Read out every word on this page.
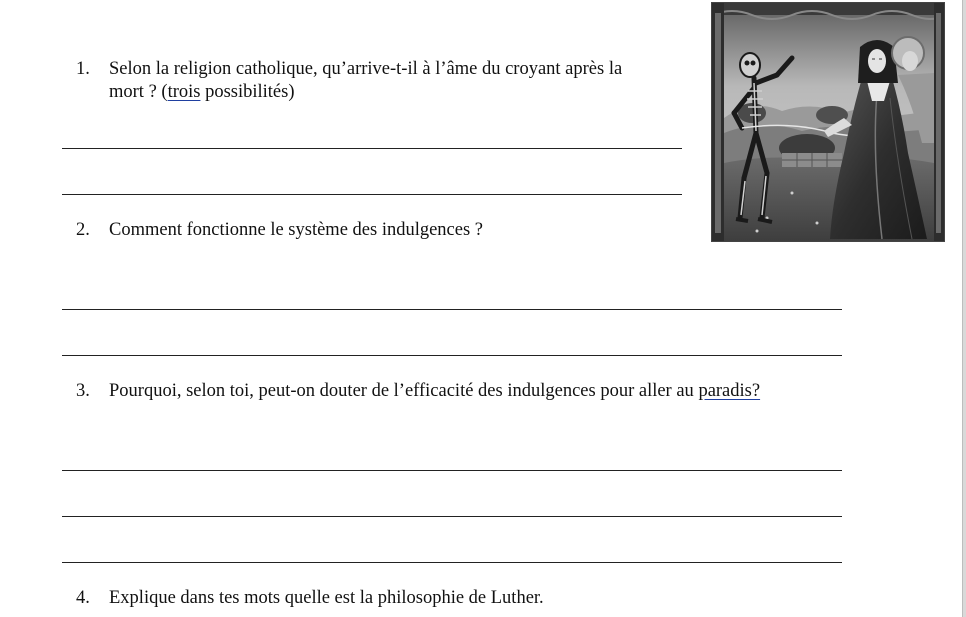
1. Selon la religion catholique, qu’arrive-t-il à l’âme du croyant après la
mort ? (trois possibilités)
2. Comment fonctionne le système des indulgences ?
3. Pourquoi, selon toi, peut-on douter de l’efficacité des indulgences pour aller au paradis?
4. Explique dans tes mots quelle est la philosophie de Luther.
